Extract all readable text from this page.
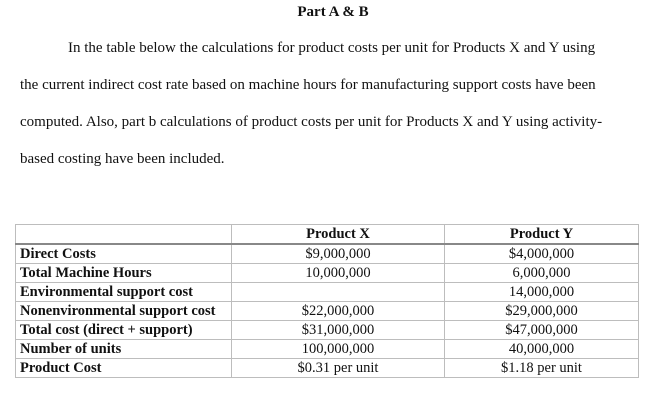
Part A & B

In the table below the calculations for product costs per unit for Products X and Y using
the current indirect cost rate based on machine hours for manufacturing support costs have been
computed. Also, part b calculations of product costs per unit for Products X and Y using activity-
based costing have been included.

	Product X	Product Y
Direct Costs	$9,000,000	$4,000,000
Total Machine Hours	10,000,000	6,000,000
Environmental support cost		14,000,000
Nonenvironmental support cost	$22,000,000	$29,000,000
Total cost (direct + support)	$31,000,000	$47,000,000
Number of units	100,000,000	40,000,000
Product Cost	$0.31 per unit	$1.18 per unit
